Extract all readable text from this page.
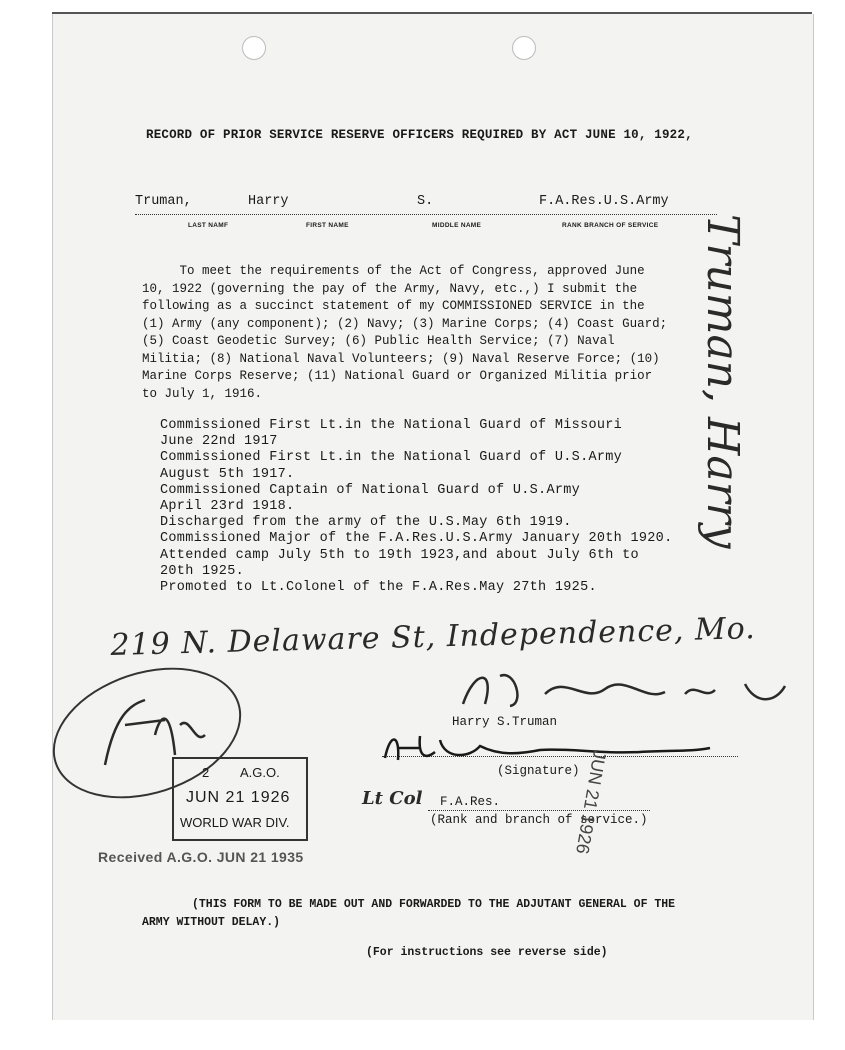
RECORD OF PRIOR SERVICE RESERVE OFFICERS REQUIRED BY ACT JUNE 10, 1922,
Truman,	Harry	S.	F.A.Res.U.S.Army
LAST NAMF	FIRST NAME	MIDDLE NAME	RANK BRANCH OF SERVICE

To meet the requirements of the Act of Congress, approved June

10, 1922 (governing the pay of the Army, Navy, etc.,) I submit the

following as a succinct statement of my COMMISSIONED SERVICE in the

(1) Army (any component); (2) Navy; (3) Marine Corps; (4) Coast Guard;

(5) Coast Geodetic Survey; (6) Public Health Service; (7) Naval

Militia; (8) National Naval Volunteers; (9) Naval Reserve Force; (10)

Marine Corps Reserve; (11) National Guard or Organized Militia prior

to July 1, 1916.

Commissioned First Lt.in the National Guard of Missouri

June 22nd 1917

Commissioned First Lt.in the National Guard of U.S.Army

August 5th 1917.

Commissioned Captain of National Guard of U.S.Army

April 23rd 1918.

Discharged from the army of the U.S.May 6th 1919.

Commissioned Major of the F.A.Res.U.S.Army January 20th 1920.

Attended camp July 5th to 19th 1923,and about July 6th to

20th 1925.

Promoted to Lt.Colonel of the F.A.Res.May 27th 1925.

Truman, Harry
219 N. Delaware St, Independence, Mo.
Harry S.Truman
(Signature)
Lt Col F.A.Res.
(Rank and branch of service.)
2 A.G.O.
JUN 21 1926
WORLD WAR DIV.
Received A.G.O. JUN 21 1935
JUN 21 1926

(THIS FORM TO BE MADE OUT AND FORWARDED TO THE ADJUTANT GENERAL OF THE

ARMY WITHOUT DELAY.)

(For instructions see reverse side)
